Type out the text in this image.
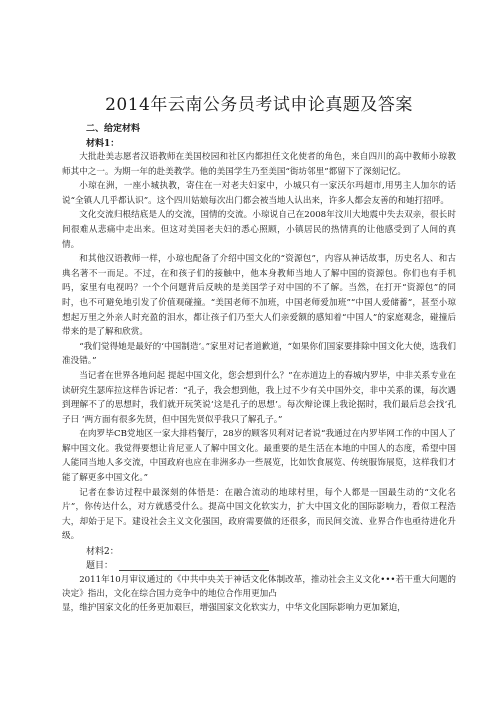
2014年云南公务员考试申论真题及答案
二、给定材料
材料1：

大批赴美志愿者汉语教师在美国校园和社区内都担任文化使者的角色，来自四川的高中教师小琼教师其中之一。为期一年的赴美教学。他的美国学生乃至美国“街坊邻里”都留下了深刻记忆。

小琼在洲，一座小城执教，寄住在一对老夫妇家中，小城只有一家沃尔玛超市,用男主人加尔的话说“全镇人几乎都认识”。这个四川姑娘每次出门都会被当地人认出来，许多人都会友善的和她打招呼。

文化交流归根结底是人的交流，国情的交流。小琼说自己在2008年汶川大地震中失去双亲，很长时间很难从悲痛中走出来。但这对美国老夫妇的悉心照顾，小镇居民的热情真的让他感受到了人间的真情。

和其他汉语教师一样，小琼也配备了介绍中国文化的“资源包”，内容从神话故事，历史名人、和古典名著不一而足。不过，在和孩子们的接触中，他本身教师当地人了解中国的资源包。你们也有手机吗，家里有电视吗？一个个问题背后反映的是美国学子对中国的不了解。当然，在打开“资源包”的同时，也不可避免地引发了价值观碰撞。“美国老师不加班，中国老师爱加班”“中国人爱储蓄”，甚至小琼想起万里之外亲人时充盈的泪水，都让孩子们乃至大人们亲爱额的感知着“中国人”的家庭观念，碰撞后带来的是了解和欣赏。

“我们觉得她是最好的‘中国制造’。”家里对记者道歉道，“如果你们国家要排除中国文化大使，选我们准没错。”

当记者在世界各地问起 提起中国文化，您会想到什么？”在赤道边上的春城内罗毕，中非关系专业在读研究生瑟库拉这样告诉记者：“孔子，我会想到他，我上过不少有关中国外交，非中关系的课，每次遇到理解不了的思想时，我们就开玩笑说‘这是孔子的思想’。每次辩论课上我论据时，我们最后总会找‘孔子曰 ’两方面有很多先贤，但中国先贤似乎我只了解孔子。”

在肉罗毕CB党地区一家大排档餐厅，28岁的顾客贝利对记者说“我通过在内罗毕网工作的中国人了解中国文化。我觉得要想让肯尼亚人了解中国文化。最重要的是生活在本地的中国人的态度，希望中国人能同当地人多交流，中国政府也应在非洲多办一些展览，比如饮食展览、传统服饰展览，这样我们才能了解更多中国文化。”

记者在参访过程中最深刻的体悟是：在融合流动的地球村里，每个人都是一国最生动的“文化名片”，你传达什么，对方就感受什么。提高中国文化软实力，扩大中国文化的国际影响力，看似工程浩大，却始于足下。建设社会主义文化强国，政府需要做的还很多，而民间交流、业界合作也亟待进化升级。

材料2：
题目：

2011年10月审议通过的《中共中央关于神话文化体制改革，推动社会主义文化•••若干重大问题的决定》指出，文化在综合国力竞争中的地位合作用更加凸

显，维护国家文化的任务更加艰巨，增强国家文化软实力，中华文化国际影响力更加紧迫，
